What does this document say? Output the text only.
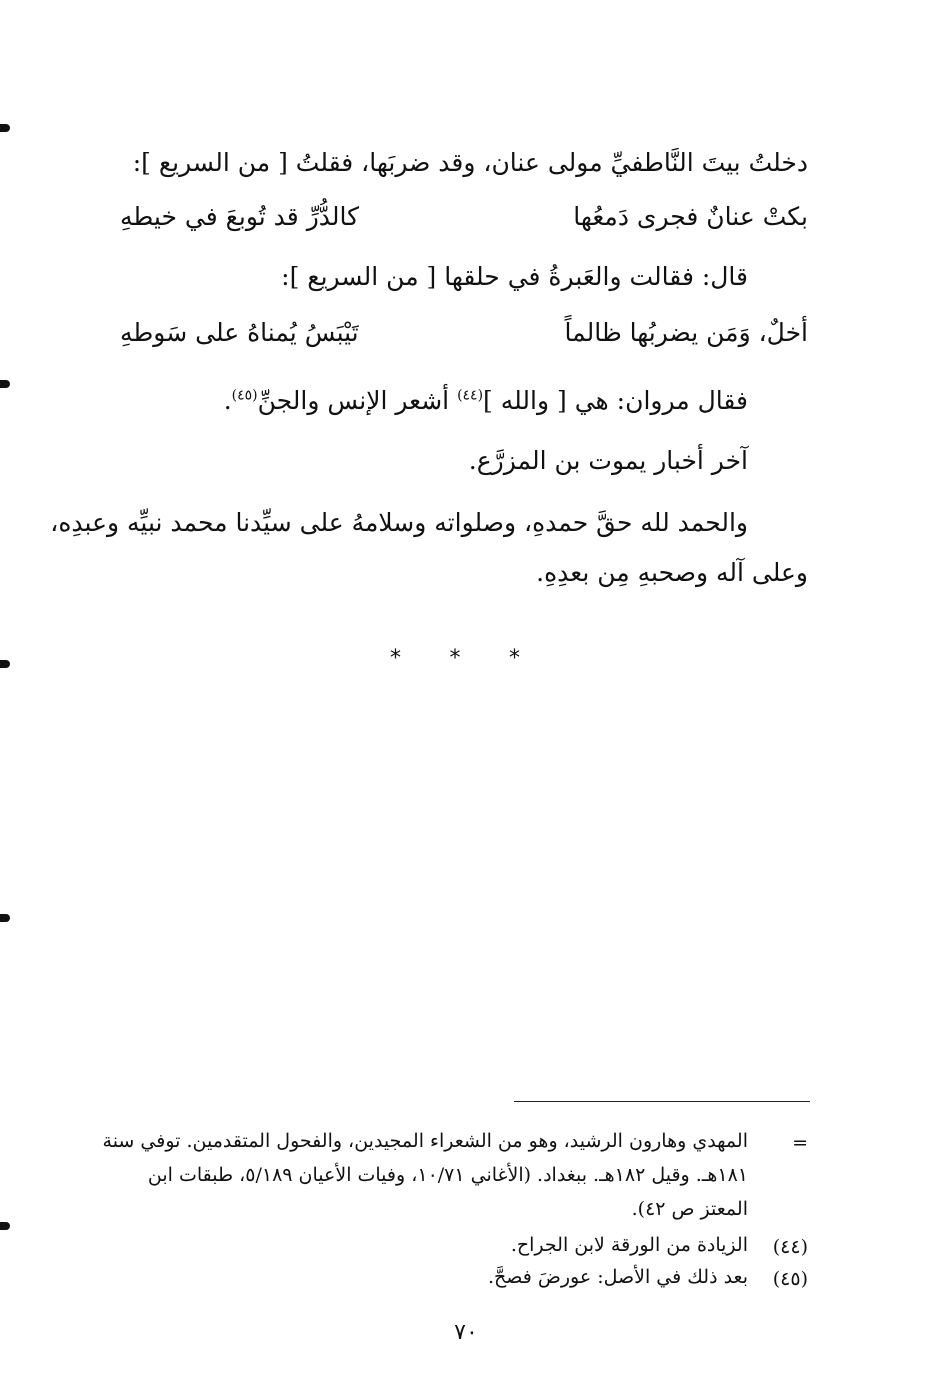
دخلتُ بيتَ النَّاطفيِّ مولى عنان، وقد ضربَها، فقلتُ [ من السريع ]:
بكتْ عنانٌ فجرى دَمعُها
كالدُّرِّ قد تُوبعَ في خيطهِ
قال: فقالت والعَبرةُ في حلقها [ من السريع ]:
أخلٌ، وَمَن يضربُها ظالماً
تَيْبَسُ يُمناهُ على سَوطهِ
فقال مروان: هي [ والله ]$^{(٤٤)}$ أشعر الإنس والجنِّ$^{(٤٥)}$.
آخر أخبار يموت بن المزرَّع.
والحمد لله حقَّ حمدهِ، وصلواته وسلامهُ على سيِّدنا محمد نبيِّه وعبدِه،
وعلى آله وصحبهِ مِن بعدِهِ.
* * *
=
المهدي وهارون الرشيد، وهو من الشعراء المجيدين، والفحول المتقدمين. توفي سنة
١٨١هـ. وقيل ١٨٢هـ. ببغداد. (الأغاني ١٠/٧١، وفيات الأعيان ٥/١٨٩، طبقات ابن
المعتز ص ٤٢).
(٤٤)
الزيادة من الورقة لابن الجراح.
(٤٥)
بعد ذلك في الأصل: عورضَ فصحَّ.
٧٠
